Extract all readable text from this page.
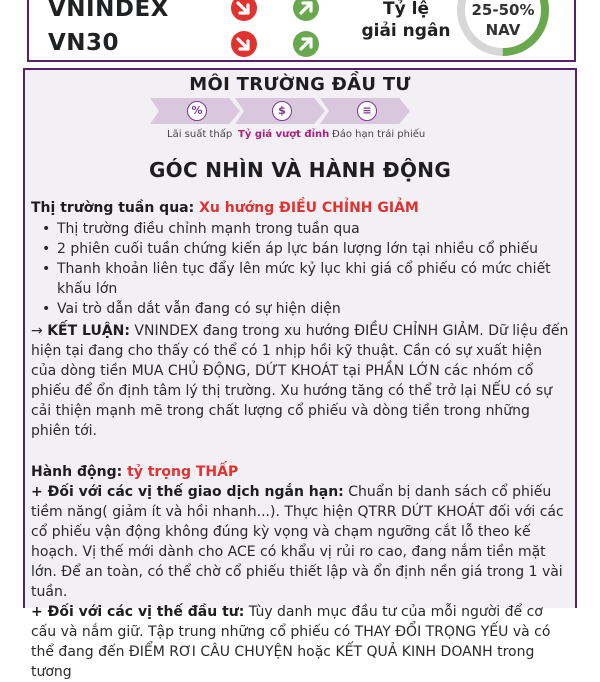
VNINDEX
VN30
Tỷ lệ
giải ngân
25-50%
NAV
MÔI TRƯỜNG ĐẦU TƯ
%	$	≡
Lãi suất thấp Tỷ giá vượt đỉnh Đáo hạn trái phiếu
GÓC NHÌN VÀ HÀNH ĐỘNG
Thị trường tuần qua: Xu hướng ĐIỀU CHỈNH GIẢM
• Thị trường điều chỉnh mạnh trong tuần qua
• 2 phiên cuối tuần chứng kiến áp lực bán lượng lớn tại nhiều cổ phiếu
• Thanh khoản liên tục đẩy lên mức kỷ lục khi giá cổ phiếu có mức chiết khấu lớn
• Vai trò dẫn dắt vẫn đang có sự hiện diện
→ KẾT LUẬN: VNINDEX đang trong xu hướng ĐIỀU CHỈNH GIẢM. Dữ liệu đến hiện tại đang cho thấy có thể có 1 nhịp hồi kỹ thuật. Cần có sự xuất hiện của dòng tiền MUA CHỦ ĐỘNG, DỨT KHOÁT tại PHẦN LỚN các nhóm cổ phiếu để ổn định tâm lý thị trường. Xu hướng tăng có thể trở lại NẾU có sự cải thiện mạnh mẽ trong chất lượng cổ phiếu và dòng tiền trong những phiên tới.
Hành động: tỷ trọng THẤP
+ Đối với các vị thế giao dịch ngắn hạn: Chuẩn bị danh sách cổ phiếu tiềm năng( giảm ít và hồi nhanh...). Thực hiện QTRR DỨT KHOÁT đối với các cổ phiếu vận động không đúng kỳ vọng và chạm ngưỡng cắt lỗ theo kế hoạch. Vị thế mới dành cho ACE có khẩu vị rủi ro cao, đang nắm tiền mặt lớn. Để an toàn, có thể chờ cổ phiếu thiết lập và ổn định nền giá trong 1 vài tuần.
+ Đối với các vị thế đầu tư: Tùy danh mục đầu tư của mỗi người để cơ cấu và nắm giữ. Tập trung những cổ phiếu có THAY ĐỔI TRỌNG YẾU và có thể đang đến ĐIỂM RƠI CÂU CHUYỆN hoặc KẾT QUẢ KINH DOANH trong tương
